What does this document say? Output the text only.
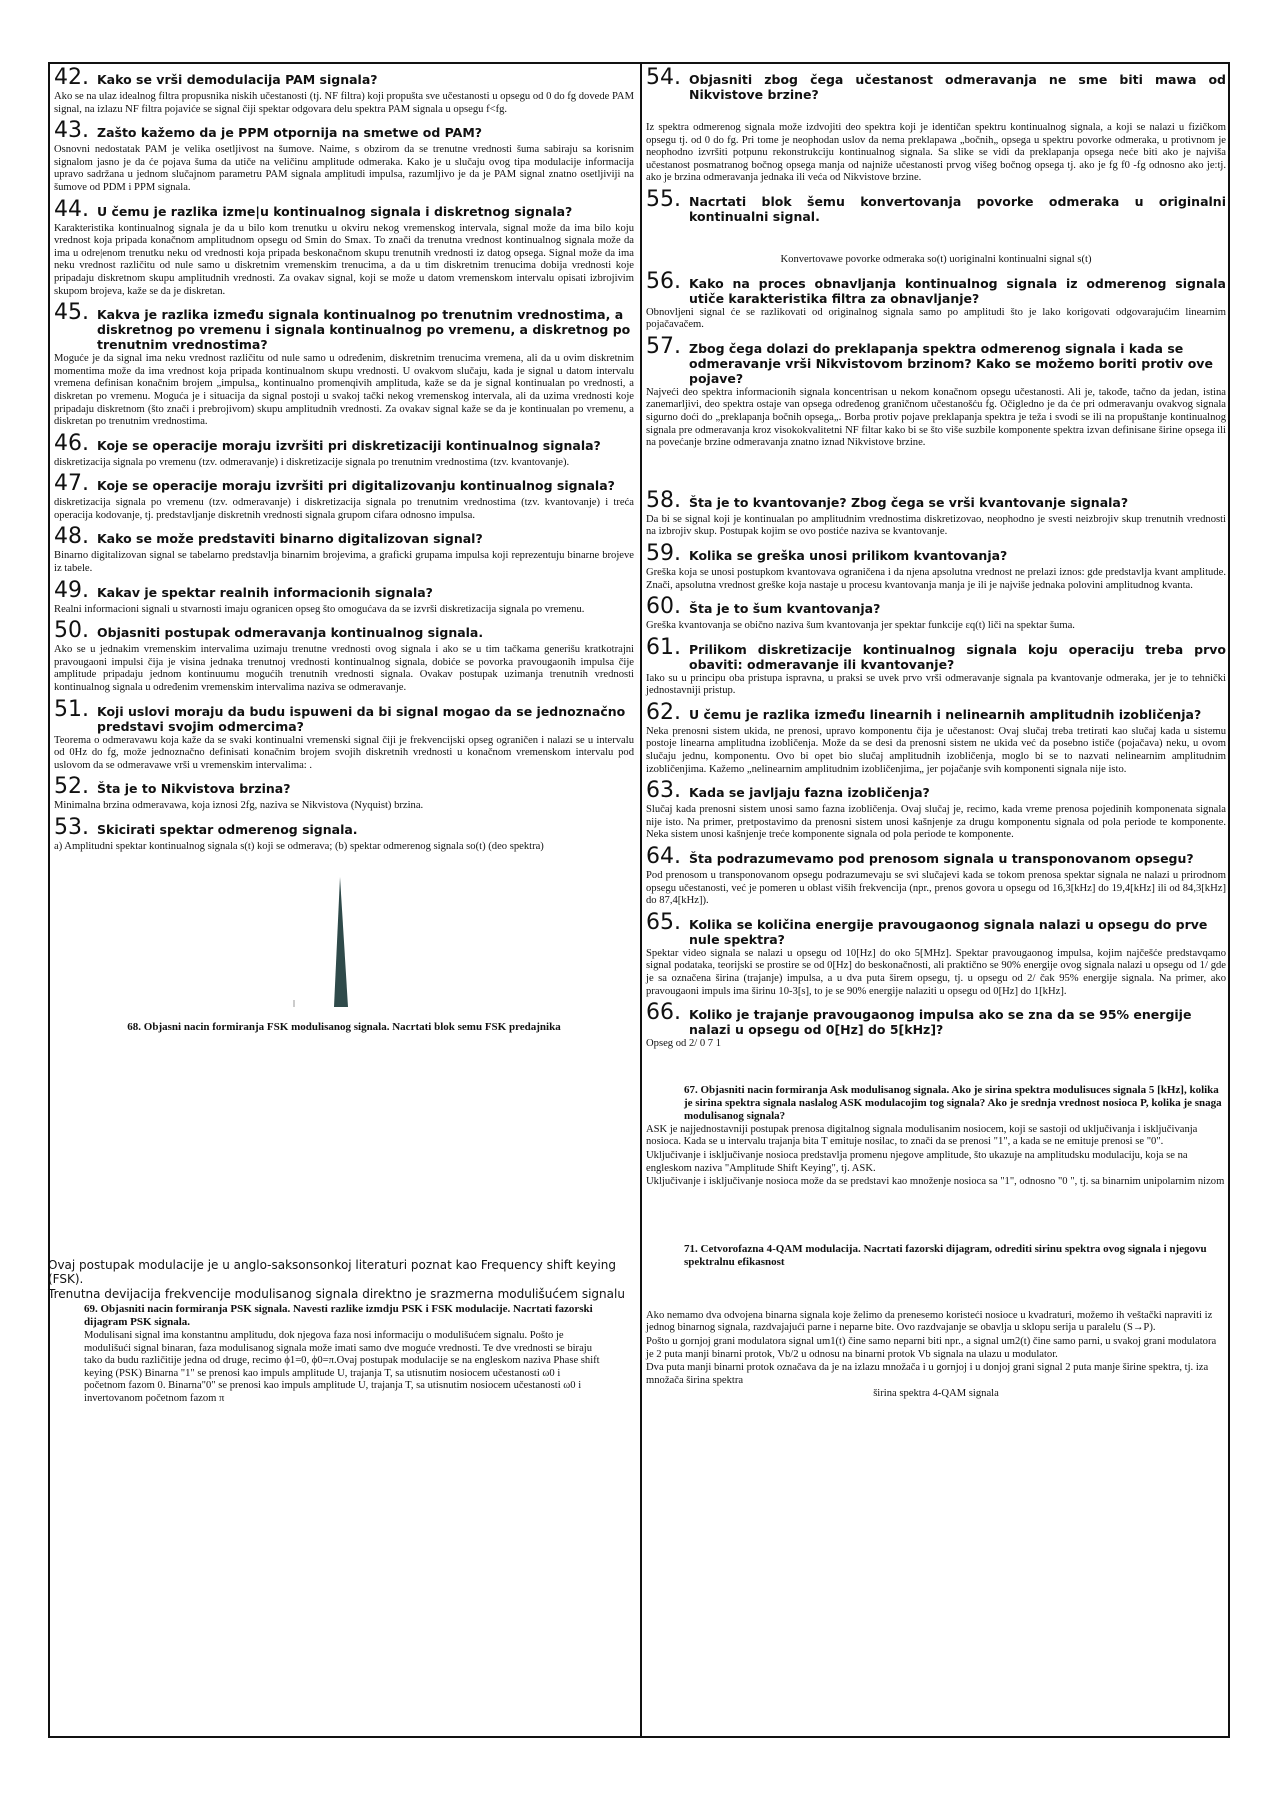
42. Kako se vrši demodulacija PAM signala?
Ako se na ulaz idealnog filtra propusnika niskih učestanosti (tj. NF filtra) koji propušta sve učestanosti u opsegu od 0 do fg dovede PAM signal, na izlazu NF filtra pojaviće se signal čiji spektar odgovara delu spektra PAM signala u opsegu f<fg.
43. Zašto kažemo da je PPM otpornija na smetwe od PAM?
Osnovni nedostatak PAM je velika osetljivost na šumove. Naime, s obzirom da se trenutne vrednosti šuma sabiraju sa korisnim signalom jasno je da će pojava šuma da utiče na veličinu amplitude odmeraka. Kako je u slučaju ovog tipa modulacije informacija upravo sadržana u jednom slučajnom parametru PAM signala amplitudi impulsa, razumljivo je da je PAM signal znatno osetljiviji na šumove od PDM i PPM signala.
44. U čemu je razlika izme|u kontinualnog signala i diskretnog signala?
Karakteristika kontinualnog signala je da u bilo kom trenutku u okviru nekog vremenskog intervala, signal može da ima bilo koju vrednost koja pripada konačnom amplitudnom opsegu od Smin do Smax. To znači da trenutna vrednost kontinualnog signala može da ima u odre|enom trenutku neku od vrednosti koja pripada beskonačnom skupu trenutnih vrednosti iz datog opsega. Signal može da ima neku vrednost različitu od nule samo u diskretnim vremenskim trenucima, a da u tim diskretnim trenucima dobija vrednosti koje pripadaju diskretnom skupu amplitudnih vrednosti. Za ovakav signal, koji se može u datom vremenskom intervalu opisati izbrojivim skupom brojeva, kaže se da je diskretan.
45. Kakva je razlika između signala kontinualnog po trenutnim vrednostima, a diskretnog po vremenu i signala kontinualnog po vremenu, a diskretnog po trenutnim vrednostima?
Moguće je da signal ima neku vrednost različitu od nule samo u određenim, diskretnim trenucima vremena, ali da u ovim diskretnim momentima može da ima vrednost koja pripada kontinualnom skupu vrednosti. U ovakvom slučaju, kada je signal u datom intervalu vremena definisan konačnim brojem „impulsa„ kontinualno promenqivih amplituda, kaže se da je signal kontinualan po vrednosti, a diskretan po vremenu. Moguća je i situacija da signal postoji u svakoj tački nekog vremenskog intervala, ali da uzima vrednosti koje pripadaju diskretnom (što znači i prebrojivom) skupu amplitudnih vrednosti. Za ovakav signal kaže se da je kontinualan po vremenu, a diskretan po trenutnim vrednostima.
46. Koje se operacije moraju izvršiti pri diskretizaciji kontinualnog signala?
diskretizacija signala po vremenu (tzv. odmeravanje) i diskretizacije signala po trenutnim vrednostima (tzv. kvantovanje).
47. Koje se operacije moraju izvršiti pri digitalizovanju kontinualnog signala?
diskretizacija signala po vremenu (tzv. odmeravanje) i diskretizacija signala po trenutnim vrednostima (tzv. kvantovanje) i treća operacija kodovanje, tj. predstavljanje diskretnih vrednosti signala grupom cifara odnosno impulsa.
48. Kako se može predstaviti binarno digitalizovan signal?
Binarno digitalizovan signal se tabelarno predstavlja binarnim brojevima, a graficki grupama impulsa koji reprezentuju binarne brojeve iz tabele.
49. Kakav je spektar realnih informacionih signala?
Realni informacioni signali u stvarnosti imaju ogranicen opseg što omogućava da se izvrši diskretizacija signala po vremenu.
50. Objasniti postupak odmeravanja kontinualnog signala.
Ako se u jednakim vremenskim intervalima uzimaju trenutne vrednosti ovog signala i ako se u tim tačkama generišu kratkotrajni pravougaoni impulsi čija je visina jednaka trenutnoj vrednosti kontinualnog signala, dobiće se povorka pravougaonih impulsa čije amplitude pripadaju jednom kontinuumu mogućih trenutnih vrednosti signala. Ovakav postupak uzimanja trenutnih vrednosti kontinualnog signala u određenim vremenskim intervalima naziva se odmeravanje.
51. Koji uslovi moraju da budu ispuweni da bi signal mogao da se jednoznačno predstavi svojim odmercima?
Teorema o odmeravawu koja kaže da se svaki kontinualni vremenski signal čiji je frekvencijski opseg ograničen i nalazi se u intervalu od 0Hz do fg, može jednoznačno definisati konačnim brojem svojih diskretnih vrednosti u konačnom vremenskom intervalu pod uslovom da se odmeravawe vrši u vremenskim intervalima: .
52. Šta je to Nikvistova brzina?
Minimalna brzina odmeravawa, koja iznosi 2fg, naziva se Nikvistova (Nyquist) brzina.
53. Skicirati spektar odmerenog signala.
a) Amplitudni spektar kontinualnog signala s(t) koji se odmerava; (b) spektar odmerenog signala so(t) (deo spektra)
68. Objasni nacin formiranja FSK modulisanog signala. Nacrtati blok semu FSK predajnika
Ovaj postupak modulacije je u anglo-saksonsonkoj literaturi poznat kao Frequency shift keying (FSK).
Trenutna devijacija frekvencije modulisanog signala direktno je srazmerna modulišućem signalu
69. Objasniti nacin formiranja PSK signala. Navesti razlike izmdju PSK i FSK modulacije. Nacrtati fazorski dijagram PSK signala.
Modulisani signal ima konstantnu amplitudu, dok njegova faza nosi informaciju o modulišućem signalu. Pošto je modulišući signal binaran, faza modulisanog signala može imati samo dve moguće vrednosti. Te dve vrednosti se biraju tako da budu različitije jedna od druge, recimo ϕ1=0, ϕ0=π.Ovaj postupak modulacije se na engleskom naziva Phase shift keying (PSK) Binarna "1" se prenosi kao impuls amplitude U, trajanja T, sa utisnutim nosiocem učestanosti ω0 i početnom fazom 0. Binarna"0" se prenosi kao impuls amplitude U, trajanja T, sa utisnutim nosiocem učestanosti ω0 i invertovanom početnom fazom π
54. Objasniti zbog čega učestanost odmeravanja ne sme biti mawa od Nikvistove brzine?
Iz spektra odmerenog signala može izdvojiti deo spektra koji je identičan spektru kontinualnog signala, a koji se nalazi u fizičkom opsegu tj. od 0 do fg. Pri tome je neophodan uslov da nema preklapawa „bočnih„ opsega u spektru povorke odmeraka, u protivnom je neophodno izvršiti potpunu rekonstrukciju kontinualnog signala. Sa slike se vidi da preklapanja opsega neće biti ako je najviša učestanost posmatranog bočnog opsega manja od najniže učestanosti prvog višeg bočnog opsega tj. ako je fg f0 -fg odnosno ako je:tj. ako je brzina odmeravanja jednaka ili veća od Nikvistove brzine.
55. Nacrtati blok šemu konvertovanja povorke odmeraka u originalni kontinualni signal.
Konvertovawe povorke odmeraka so(t) uoriginalni kontinualni signal s(t)
56. Kako na proces obnavljanja kontinualnog signala iz odmerenog signala utiče karakteristika filtra za obnavljanje?
Obnovljeni signal će se razlikovati od originalnog signala samo po amplitudi što je lako korigovati odgovarajućim linearnim pojačavačem.
57. Zbog čega dolazi do preklapanja spektra odmerenog signala i kada se odmeravanje vrši Nikvistovom brzinom? Kako se možemo boriti protiv ove pojave?
Najveći deo spektra informacionih signala koncentrisan u nekom konačnom opsegu učestanosti. Ali je, takođe, tačno da jedan, istina zanemarljivi, deo spektra ostaje van opsega određenog graničnom učestanošću fg. Očigledno je da će pri odmeravanju ovakvog signala sigurno doći do „preklapanja bočnih opsega„. Borba protiv pojave preklapanja spektra je teža i svodi se ili na propuštanje kontinualnog signala pre odmeravanja kroz visokokvalitetni NF filtar kako bi se što više suzbile komponente spektra izvan definisane širine opsega ili na povećanje brzine odmeravanja znatno iznad Nikvistove brzine.
58. Šta je to kvantovanje? Zbog čega se vrši kvantovanje signala?
Da bi se signal koji je kontinualan po amplitudnim vrednostima diskretizovao, neophodno je svesti neizbrojiv skup trenutnih vrednosti na izbrojiv skup. Postupak kojim se ovo postiće naziva se kvantovanje.
59. Kolika se greška unosi prilikom kvantovanja?
Greška koja se unosi postupkom kvantovava ograničena i da njena apsolutna vrednost ne prelazi iznos: gde predstavlja kvant amplitude. Znači, apsolutna vrednost greške koja nastaje u procesu kvantovanja manja je ili je najviše jednaka polovini amplitudnog kvanta.
60. Šta je to šum kvantovanja?
Greška kvantovanja se obično naziva šum kvantovanja jer spektar funkcije εq(t) liči na spektar šuma.
61. Prilikom diskretizacije kontinualnog signala koju operaciju treba prvo obaviti: odmeravanje ili kvantovanje?
Iako su u principu oba pristupa ispravna, u praksi se uvek prvo vrši odmeravanje signala pa kvantovanje odmeraka, jer je to tehnički jednostavniji pristup.
62. U čemu je razlika između linearnih i nelinearnih amplitudnih izobličenja?
Neka prenosni sistem ukida, ne prenosi, upravo komponentu čija je učestanost: Ovaj slučaj treba tretirati kao slučaj kada u sistemu postoje linearna amplitudna izobličenja. Može da se desi da prenosni sistem ne ukida već da posebno ističe (pojačava) neku, u ovom slučaju jednu, komponentu. Ovo bi opet bio slučaj amplitudnih izobličenja, moglo bi se to nazvati nelinearnim amplitudnim izobličenjima. Kažemo „nelinearnim amplitudnim izobličenjima„ jer pojačanje svih komponenti signala nije isto.
63. Kada se javljaju fazna izobličenja?
Slučaj kada prenosni sistem unosi samo fazna izobličenja. Ovaj slučaj je, recimo, kada vreme prenosa pojedinih komponenata signala nije isto. Na primer, pretpostavimo da prenosni sistem unosi kašnjenje za drugu komponentu signala od pola periode te komponente. Neka sistem unosi kašnjenje treće komponente signala od pola periode te komponente.
64. Šta podrazumevamo pod prenosom signala u transponovanom opsegu?
Pod prenosom u transponovanom opsegu podrazumevaju se svi slučajevi kada se tokom prenosa spektar signala ne nalazi u prirodnom opsegu učestanosti, već je pomeren u oblast viših frekvencija (npr., prenos govora u opsegu od 16,3[kHz] do 19,4[kHz] ili od 84,3[kHz] do 87,4[kHz]).
65. Kolika se količina energije pravougaonog signala nalazi u opsegu do prve nule spektra?
Spektar video signala se nalazi u opsegu od 10[Hz] do oko 5[MHz]. Spektar pravougaonog impulsa, kojim najčešće predstavqamo signal podataka, teorijski se prostire se od 0[Hz] do beskonačnosti, ali praktično se 90% energije ovog signala nalazi u opsegu od 1/ gde je sa označena širina (trajanje) impulsa, a u dva puta širem opsegu, tj. u opsegu od 2/ čak 95% energije signala. Na primer, ako pravougaoni impuls ima širinu 10-3[s], to je se 90% energije nalaziti u opsegu od 0[Hz] do 1[kHz].
66. Koliko je trajanje pravougaonog impulsa ako se zna da se 95% energije nalazi u opsegu od 0[Hz] do 5[kHz]?
Opseg od 2/ 0 7 1
67. Objasniti nacin formiranja Ask modulisanog signala. Ako je sirina spektra modulisuces signala 5 [kHz], kolika je sirina spektra signala naslalog ASK modulacojim tog signala? Ako je srednja vrednost nosioca P, kolika je snaga modulisanog signala?
ASK je najjednostavniji postupak prenosa digitalnog signala modulisanim nosiocem, koji se sastoji od uključivanja i isključivanja nosioca. Kada se u intervalu trajanja bita T emituje nosilac, to znači da se prenosi "1", a kada se ne emituje prenosi se "0".
Uključivanje i isključivanje nosioca predstavlja promenu njegove amplitude, što ukazuje na amplitudsku modulaciju, koja se na engleskom naziva "Amplitude Shift Keying", tj. ASK.
Uključivanje i isključivanje nosioca može da se predstavi kao množenje nosioca sa "1", odnosno "0 ", tj. sa binarnim unipolarnim nizom
71. Cetvorofazna 4-QAM modulacija. Nacrtati fazorski dijagram, odrediti sirinu spektra ovog signala i njegovu spektralnu efikasnost
Ako nemamo dva odvojena binarna signala koje želimo da prenesemo koristeći nosioce u kvadraturi, možemo ih veštački napraviti iz jednog binarnog signala, razdvajajući parne i neparne bite. Ovo razdvajanje se obavlja u sklopu serija u paralelu (S→P).
Pošto u gornjoj grani modulatora signal um1(t) čine samo neparni biti npr., a signal um2(t) čine samo parni, u svakoj grani modulatora je 2 puta manji binarni protok, Vb/2 u odnosu na binarni protok Vb signala na ulazu u modulator.
Dva puta manji binarni protok označava da je na izlazu množača i u gornjoj i u donjoj grani signal 2 puta manje širine spektra, tj. iza množača širina spektra
širina spektra 4-QAM signala
